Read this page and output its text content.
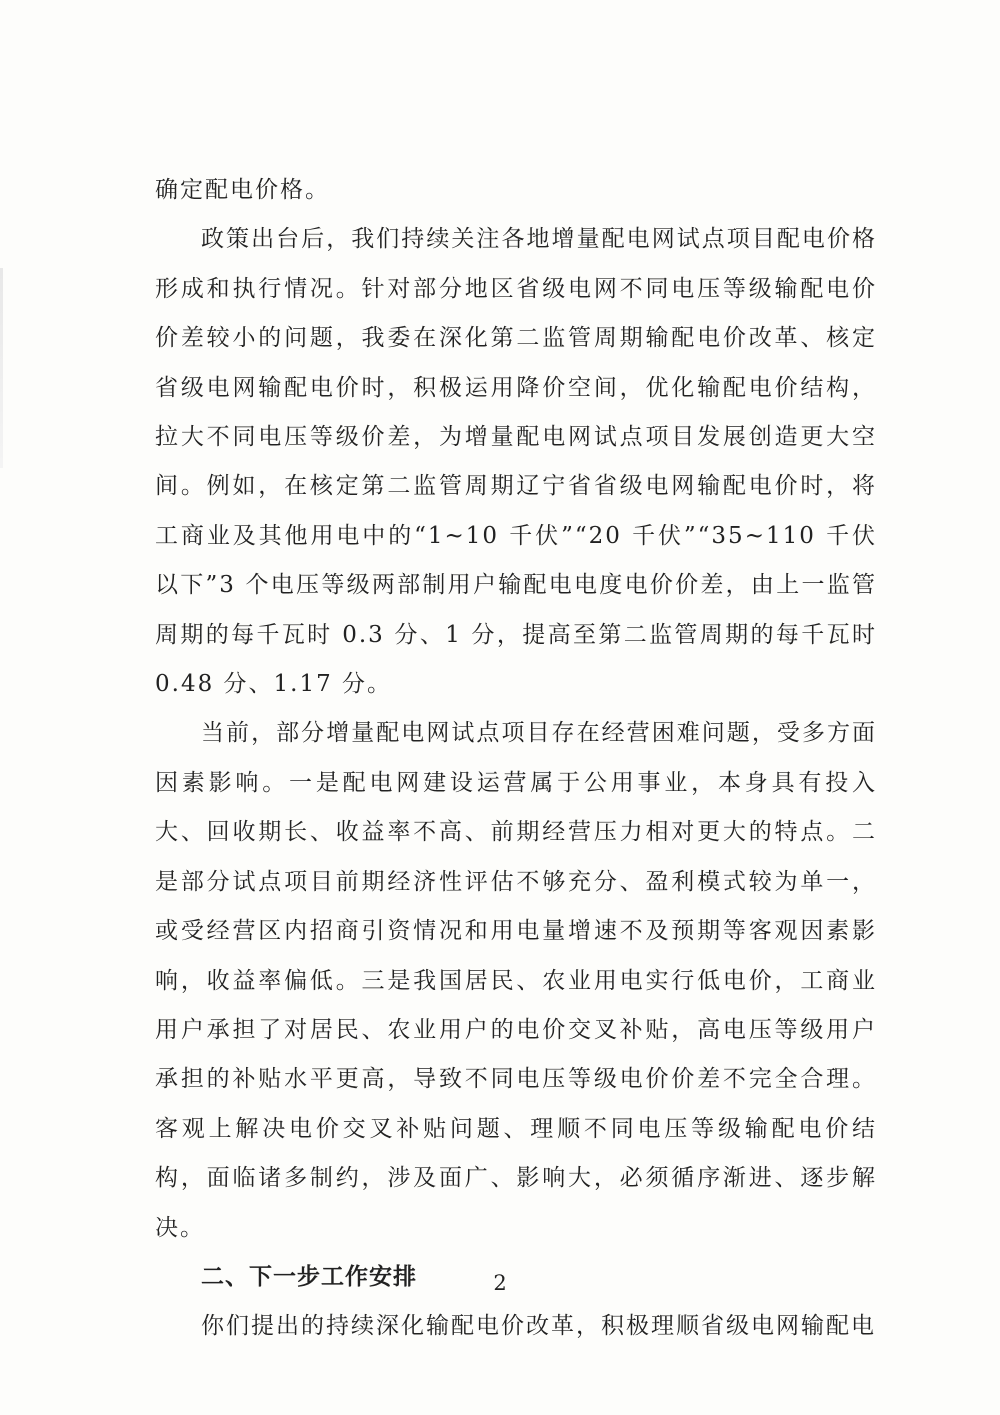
确定配电价格。

政策出台后，我们持续关注各地增量配电网试点项目配电价格形成和执行情况。针对部分地区省级电网不同电压等级输配电价价差较小的问题，我委在深化第二监管周期输配电价改革、核定省级电网输配电价时，积极运用降价空间，优化输配电价结构，拉大不同电压等级价差，为增量配电网试点项目发展创造更大空间。例如，在核定第二监管周期辽宁省省级电网输配电价时，将工商业及其他用电中的“1~10 千伏”“20 千伏”“35~110 千伏以下”3 个电压等级两部制用户输配电电度电价价差，由上一监管周期的每千瓦时 0.3 分、1 分，提高至第二监管周期的每千瓦时 0.48 分、1.17 分。

当前，部分增量配电网试点项目存在经营困难问题，受多方面因素影响。一是配电网建设运营属于公用事业，本身具有投入大、回收期长、收益率不高、前期经营压力相对更大的特点。二是部分试点项目前期经济性评估不够充分、盈利模式较为单一，或受经营区内招商引资情况和用电量增速不及预期等客观因素影响，收益率偏低。三是我国居民、农业用电实行低电价，工商业用户承担了对居民、农业用户的电价交叉补贴，高电压等级用户承担的补贴水平更高，导致不同电压等级电价价差不完全合理。客观上解决电价交叉补贴问题、理顺不同电压等级输配电价结构，面临诸多制约，涉及面广、影响大，必须循序渐进、逐步解决。

二、下一步工作安排

你们提出的持续深化输配电价改革，积极理顺省级电网输配电

2
